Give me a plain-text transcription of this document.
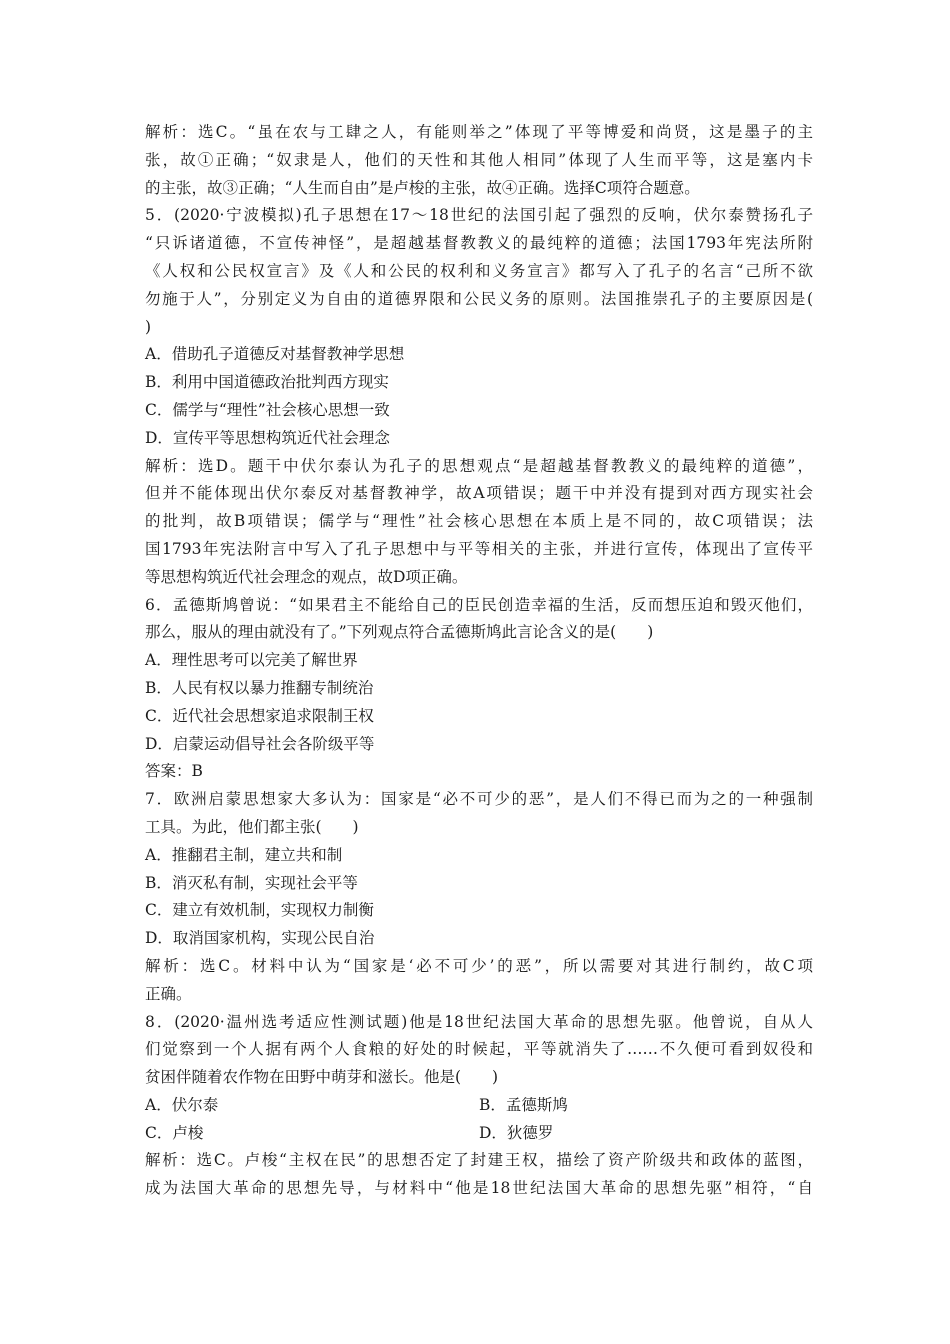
解析：选C。“虽在农与工肆之人，有能则举之”体现了平等博爱和尚贤，这是墨子的主
张，故①正确；“奴隶是人，他们的天性和其他人相同”体现了人生而平等，这是塞内卡
的主张，故③正确；“人生而自由”是卢梭的主张，故④正确。选择C项符合题意。
5．(2020·宁波模拟)孔子思想在17～18世纪的法国引起了强烈的反响，伏尔泰赞扬孔子
“只诉诸道德，不宣传神怪”，是超越基督教教义的最纯粹的道德；法国1793年宪法所附
《人权和公民权宣言》及《人和公民的权利和义务宣言》都写入了孔子的名言“己所不欲
勿施于人”，分别定义为自由的道德界限和公民义务的原则。法国推崇孔子的主要原因是(
)
A．借助孔子道德反对基督教神学思想
B．利用中国道德政治批判西方现实
C．儒学与“理性”社会核心思想一致
D．宣传平等思想构筑近代社会理念
解析：选D。题干中伏尔泰认为孔子的思想观点“是超越基督教教义的最纯粹的道德”，
但并不能体现出伏尔泰反对基督教神学，故A项错误；题干中并没有提到对西方现实社会
的批判，故B项错误；儒学与“理性”社会核心思想在本质上是不同的，故C项错误；法
国1793年宪法附言中写入了孔子思想中与平等相关的主张，并进行宣传，体现出了宣传平
等思想构筑近代社会理念的观点，故D项正确。
6．孟德斯鸠曾说：“如果君主不能给自己的臣民创造幸福的生活，反而想压迫和毁灭他们，
那么，服从的理由就没有了。”下列观点符合孟德斯鸠此言论含义的是(　　)
A．理性思考可以完美了解世界
B．人民有权以暴力推翻专制统治
C．近代社会思想家追求限制王权
D．启蒙运动倡导社会各阶级平等
答案：B
7．欧洲启蒙思想家大多认为：国家是“必不可少的恶”，是人们不得已而为之的一种强制
工具。为此，他们都主张(　　)
A．推翻君主制，建立共和制
B．消灭私有制，实现社会平等
C．建立有效机制，实现权力制衡
D．取消国家机构，实现公民自治
解析：选C。材料中认为“国家是‘必不可少’的恶”，所以需要对其进行制约，故C项
正确。
8．(2020·温州选考适应性测试题)他是18世纪法国大革命的思想先驱。他曾说，自从人
们觉察到一个人据有两个人食粮的好处的时候起，平等就消失了……不久便可看到奴役和
贫困伴随着农作物在田野中萌芽和滋长。他是(　　)
A．伏尔泰	B．孟德斯鸠
C．卢梭	D．狄德罗
解析：选C。卢梭“主权在民”的思想否定了封建王权，描绘了资产阶级共和政体的蓝图，
成为法国大革命的思想先导，与材料中“他是18世纪法国大革命的思想先驱”相符，“自
